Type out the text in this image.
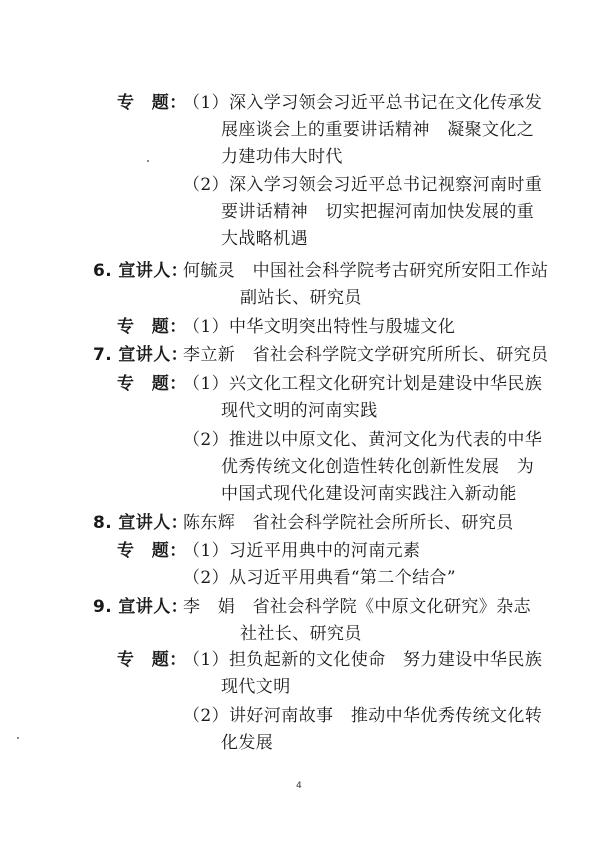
专　题：
（1）深入学习领会习近平总书记在文化传承发
展座谈会上的重要讲话精神　凝聚文化之
力建功伟大时代
（2）深入学习领会习近平总书记视察河南时重
要讲话精神　切实把握河南加快发展的重
大战略机遇
6. 宣讲人：
何毓灵　中国社会科学院考古研究所安阳工作站
副站长、研究员
专　题：
（1）中华文明突出特性与殷墟文化
7. 宣讲人：
李立新　省社会科学院文学研究所所长、研究员
专　题：
（1）兴文化工程文化研究计划是建设中华民族
现代文明的河南实践
（2）推进以中原文化、黄河文化为代表的中华
优秀传统文化创造性转化创新性发展　为
中国式现代化建设河南实践注入新动能
8. 宣讲人：
陈东辉　省社会科学院社会所所长、研究员
专　题：
（1）习近平用典中的河南元素
（2）从习近平用典看“第二个结合”
9. 宣讲人：
李　娟　省社会科学院《中原文化研究》杂志
社社长、研究员
专　题：
（1）担负起新的文化使命　努力建设中华民族
现代文明
（2）讲好河南故事　推动中华优秀传统文化转
化发展
4
